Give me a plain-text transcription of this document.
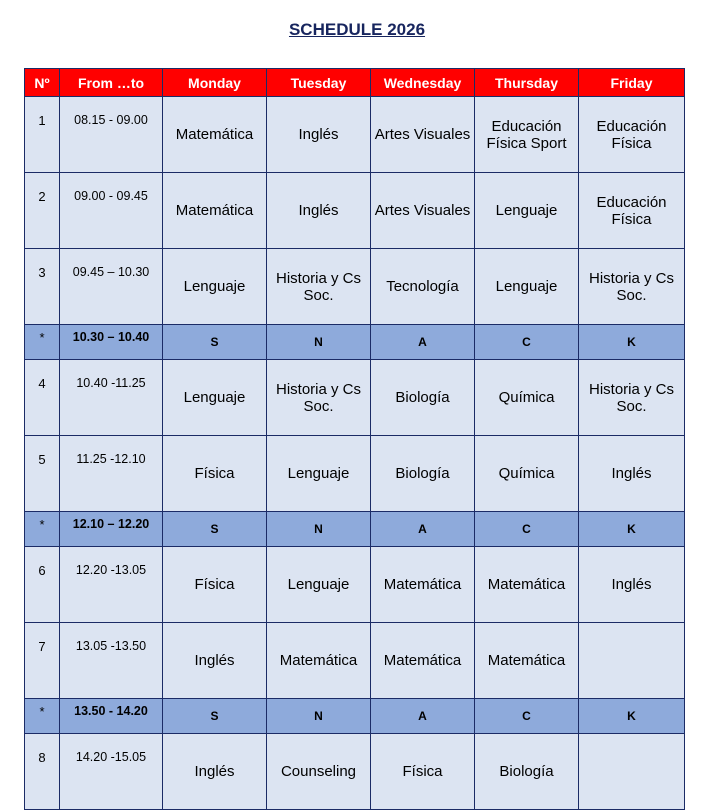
SCHEDULE 2026
Nº	From …to	Monday	Tuesday	Wednesday	Thursday	Friday
1	08.15 - 09.00	Matemática	Inglés	Artes Visuales	Educación Física Sport	Educación Física
2	09.00 - 09.45	Matemática	Inglés	Artes Visuales	Lenguaje	Educación Física
3	09.45 – 10.30	Lenguaje	Historia y Cs Soc.	Tecnología	Lenguaje	Historia y Cs Soc.
*	10.30 – 10.40	S	N	A	C	K
4	10.40 -11.25	Lenguaje	Historia y Cs Soc.	Biología	Química	Historia y Cs Soc.
5	11.25 -12.10	Física	Lenguaje	Biología	Química	Inglés
*	12.10 – 12.20	S	N	A	C	K
6	12.20 -13.05	Física	Lenguaje	Matemática	Matemática	Inglés
7	13.05 -13.50	Inglés	Matemática	Matemática	Matemática	
*	13.50 - 14.20	S	N	A	C	K
8	14.20 -15.05	Inglés	Counseling	Física	Biología	
